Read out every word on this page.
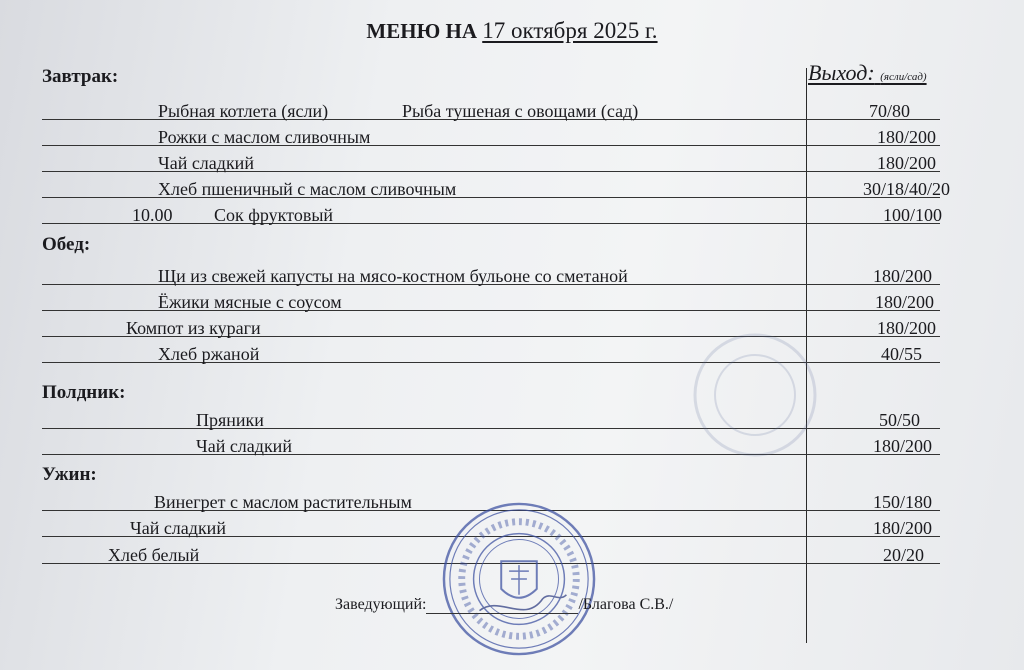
МЕНЮ НА 17 октября 2025 г.
Выход: (ясли/сад)
Завтрак:
Рыбная котлета (ясли)	Рыба тушеная с овощами (сад)	70/80
Рожки с маслом сливочным	180/200
Чай сладкий	180/200
Хлеб пшеничный с маслом сливочным	30/18/40/20
10.00 Сок фруктовый	100/100
Обед:
Щи из свежей капусты на мясо-костном бульоне со сметаной	180/200
Ёжики мясные с соусом	180/200
Компот из кураги	180/200
Хлеб ржаной	40/55
Полдник:
Пряники	50/50
Чай сладкий	180/200
Ужин:
Винегрет с маслом растительным	150/180
Чай сладкий	180/200
Хлеб белый	20/20
Заведующий:	/Благова С.В./
